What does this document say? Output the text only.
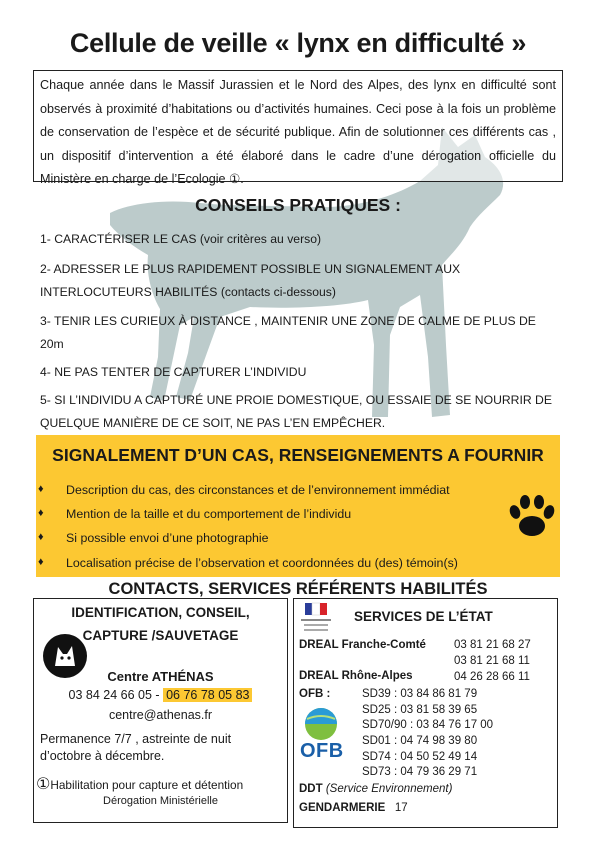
Cellule de veille « lynx en difficulté »
Chaque année dans le Massif Jurassien et le Nord des Alpes, des lynx en difficulté sont observés à proximité d’habitations ou d’activités humaines. Ceci pose à la fois un problème de conservation de l’espèce et de sécurité publique. Afin de solutionner ces différents cas , un dispositif d’intervention a été élaboré dans le cadre d’une dérogation officielle du Ministère en charge de l’Ecologie ①.
CONSEILS PRATIQUES :
1- CARACTÉRISER LE CAS (voir critères au verso)
2- ADRESSER LE PLUS RAPIDEMENT POSSIBLE UN SIGNALEMENT AUX INTERLOCUTEURS HABILITÉS (contacts ci-dessous)
3- TENIR LES CURIEUX À DISTANCE , MAINTENIR UNE ZONE DE CALME DE PLUS DE 20m
4- NE PAS TENTER DE CAPTURER L’INDIVIDU
5- SI L’INDIVIDU A CAPTURÉ UNE PROIE DOMESTIQUE, OU ESSAIE DE SE NOURRIR DE QUELQUE MANIÈRE DE CE SOIT, NE PAS L’EN EMPÊCHER.
SIGNALEMENT D’UN CAS, RENSEIGNEMENTS A FOURNIR
♦ Description du cas, des circonstances et de l’environnement immédiat
♦ Mention de la taille et du comportement de l’individu
♦ Si possible envoi d’une photographie
♦ Localisation précise de l’observation et coordonnées du (des) témoin(s)
CONTACTS, SERVICES RÉFÉRENTS HABILITÉS
IDENTIFICATION, CONSEIL,
CAPTURE /SAUVETAGE
Centre ATHÉNAS
03 84 24 66 05 - 06 76 78 05 83
centre@athenas.fr
Permanence 7/7 , astreinte de nuit d’octobre à décembre.
①Habilitation pour capture et détention
Dérogation Ministérielle
SERVICES DE L’ÉTAT
DREAL Franche-Comté 03 81 21 68 27
03 81 21 68 11
DREAL Rhône-Alpes	04 26 28 66 11
OFB :
OFB
SD39 : 03 84 86 81 79
SD25 : 03 81 58 39 65
SD70/90 : 03 84 76 17 00
SD01 : 04 74 98 39 80
SD74 : 04 50 52 49 14
SD73 : 04 79 36 29 71
DDT (Service Environnement)
GENDARMERIE 17
